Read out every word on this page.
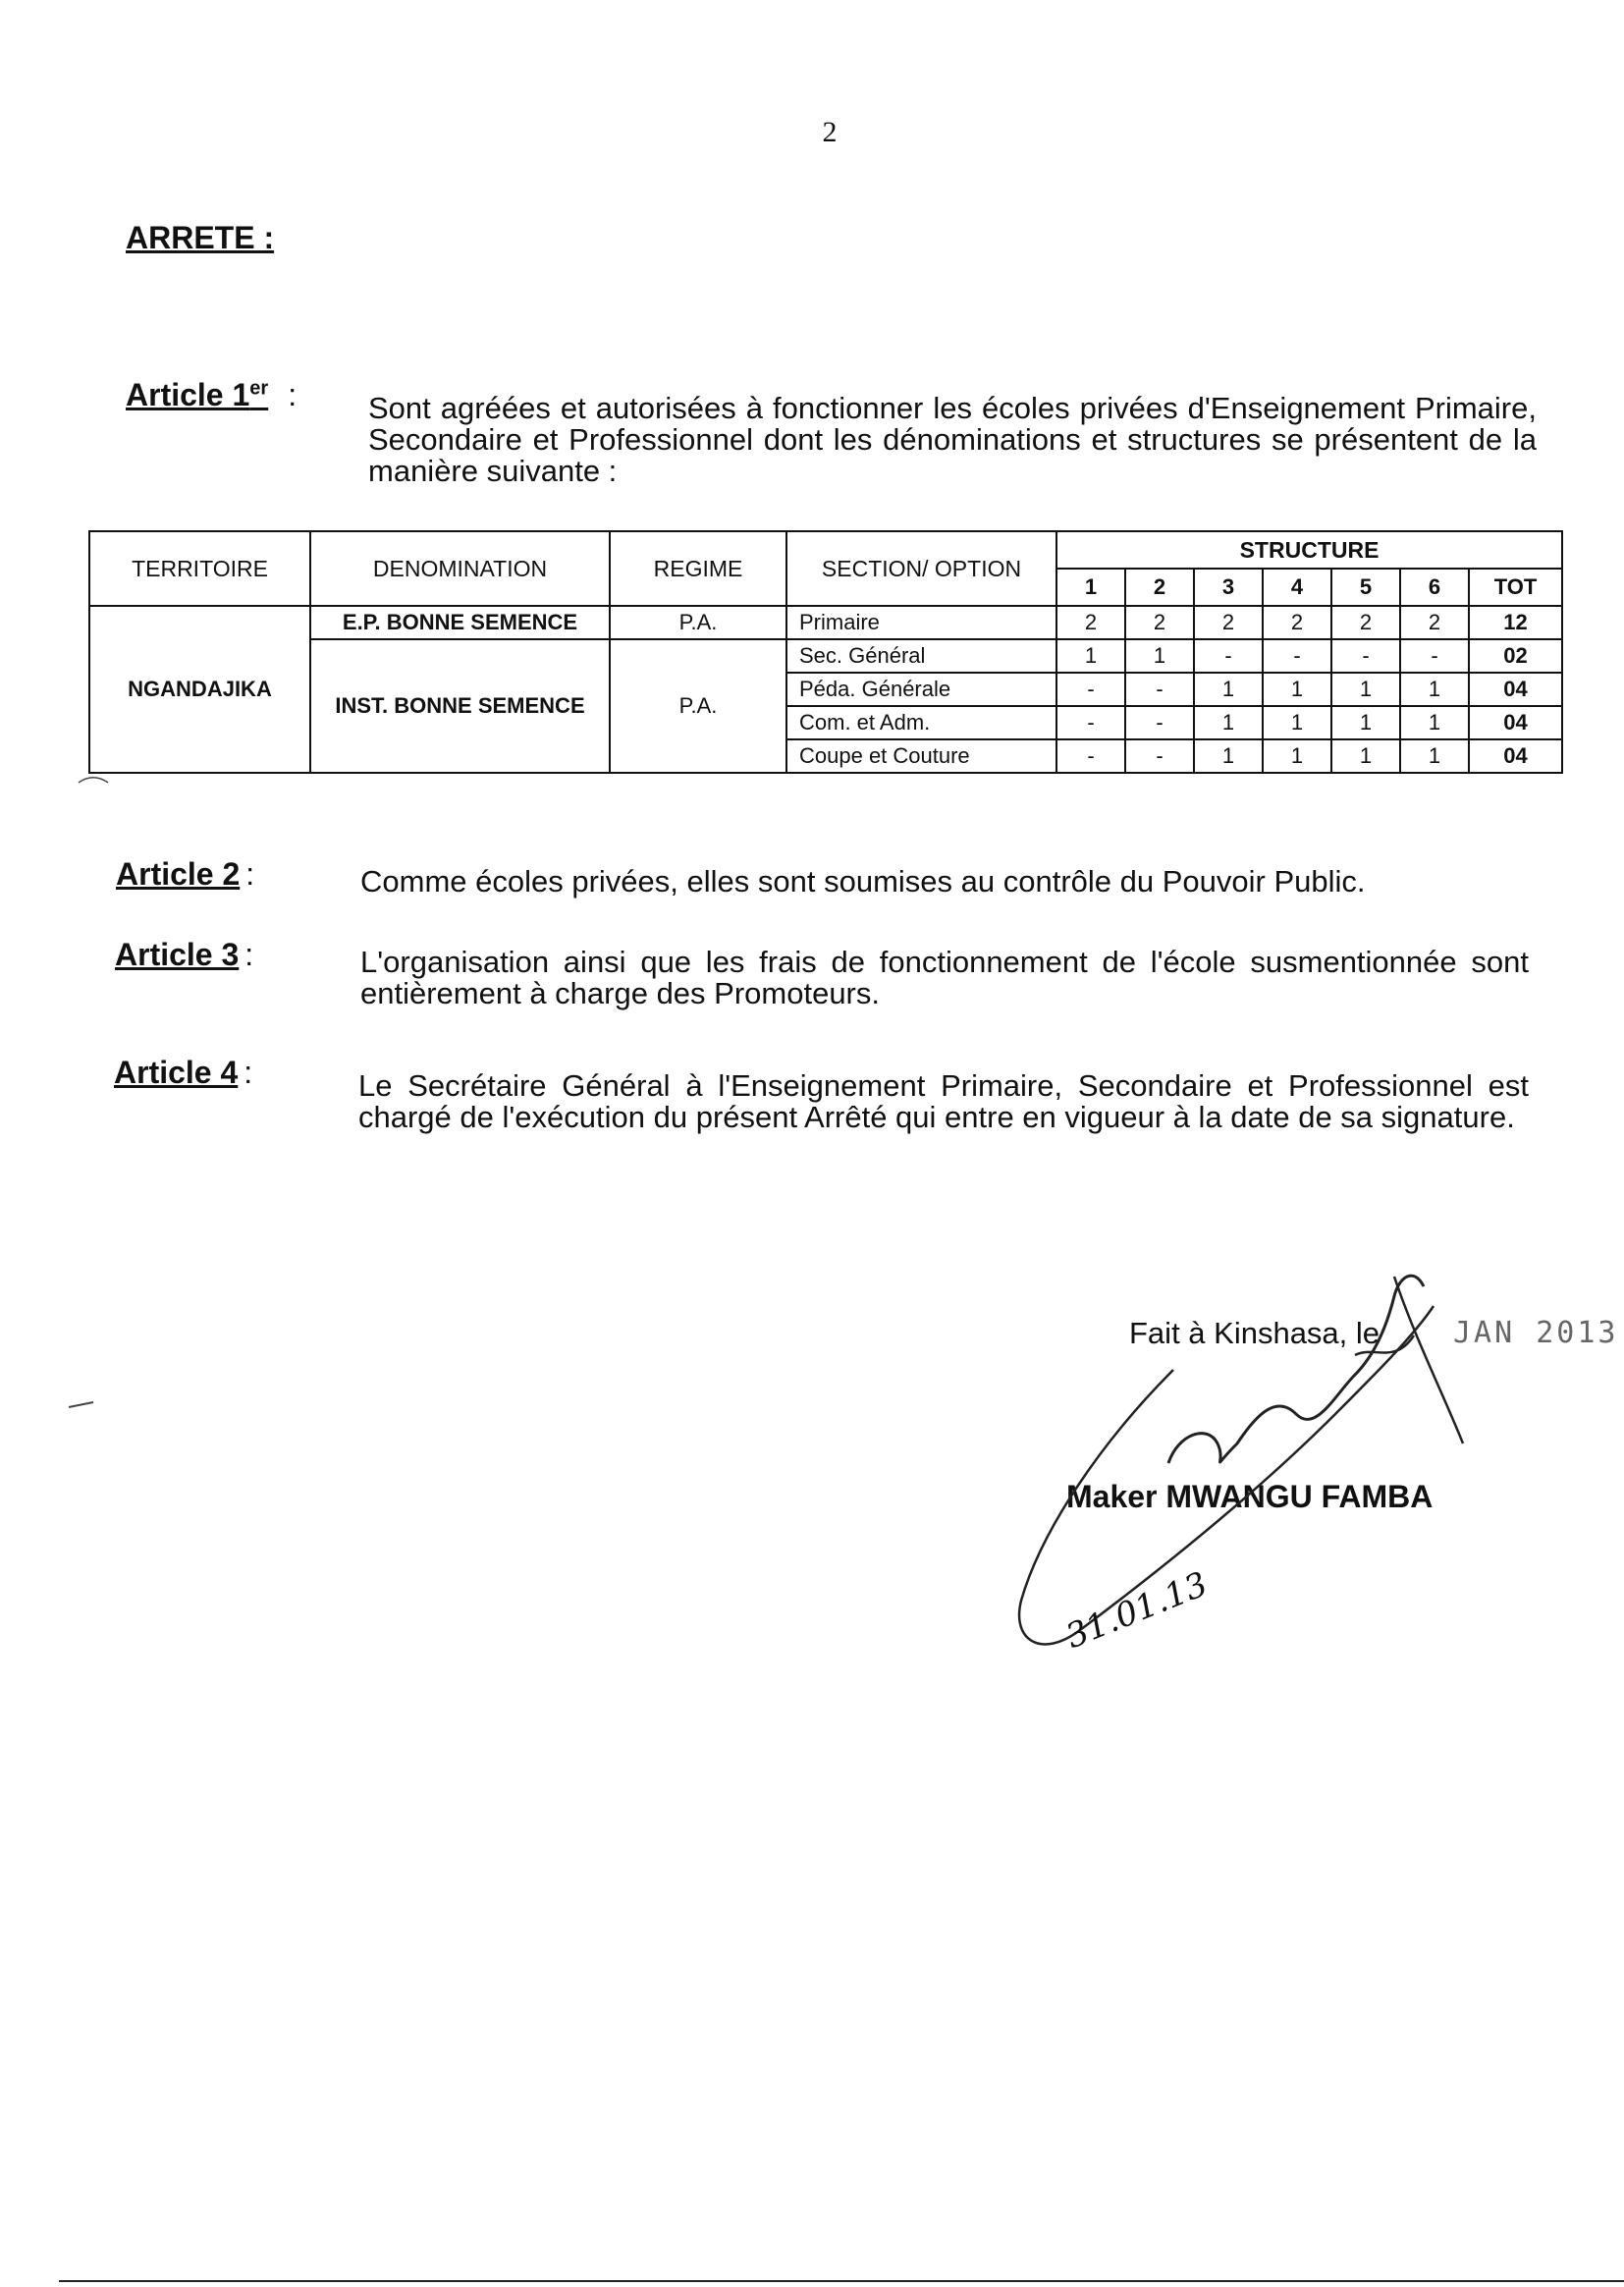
2
ARRETE :
Article 1er : Sont agréées et autorisées à fonctionner les écoles privées d'Enseignement Primaire, Secondaire et Professionnel dont les dénominations et structures se présentent de la manière suivante :
TERRITOIRE	DENOMINATION	REGIME	SECTION/ OPTION	STRUCTURE						
				1	2	3	4	5	6	TOT
NGANDAJIKA	E.P. BONNE SEMENCE	P.A.	Primaire	2	2	2	2	2	2	12
	INST. BONNE SEMENCE	P.A.	Sec. Général	1	1	-	-	-	-	02
			Péda. Générale	-	-	1	1	1	1	04
			Com. et Adm.	-	-	1	1	1	1	04
			Coupe et Couture	-	-	1	1	1	1	04
Article 2 :	Comme écoles privées, elles sont soumises au contrôle du Pouvoir Public.
Article 3 :	L'organisation ainsi que les frais de fonctionnement de l'école susmentionnée sont entièrement à charge des Promoteurs.
Article 4 :	Le Secrétaire Général à l'Enseignement Primaire, Secondaire et Professionnel est chargé de l'exécution du présent Arrêté qui entre en vigueur à la date de sa signature.
Fait à Kinshasa, le JAN 2013
Maker MWANGU FAMBA
31.01.13
